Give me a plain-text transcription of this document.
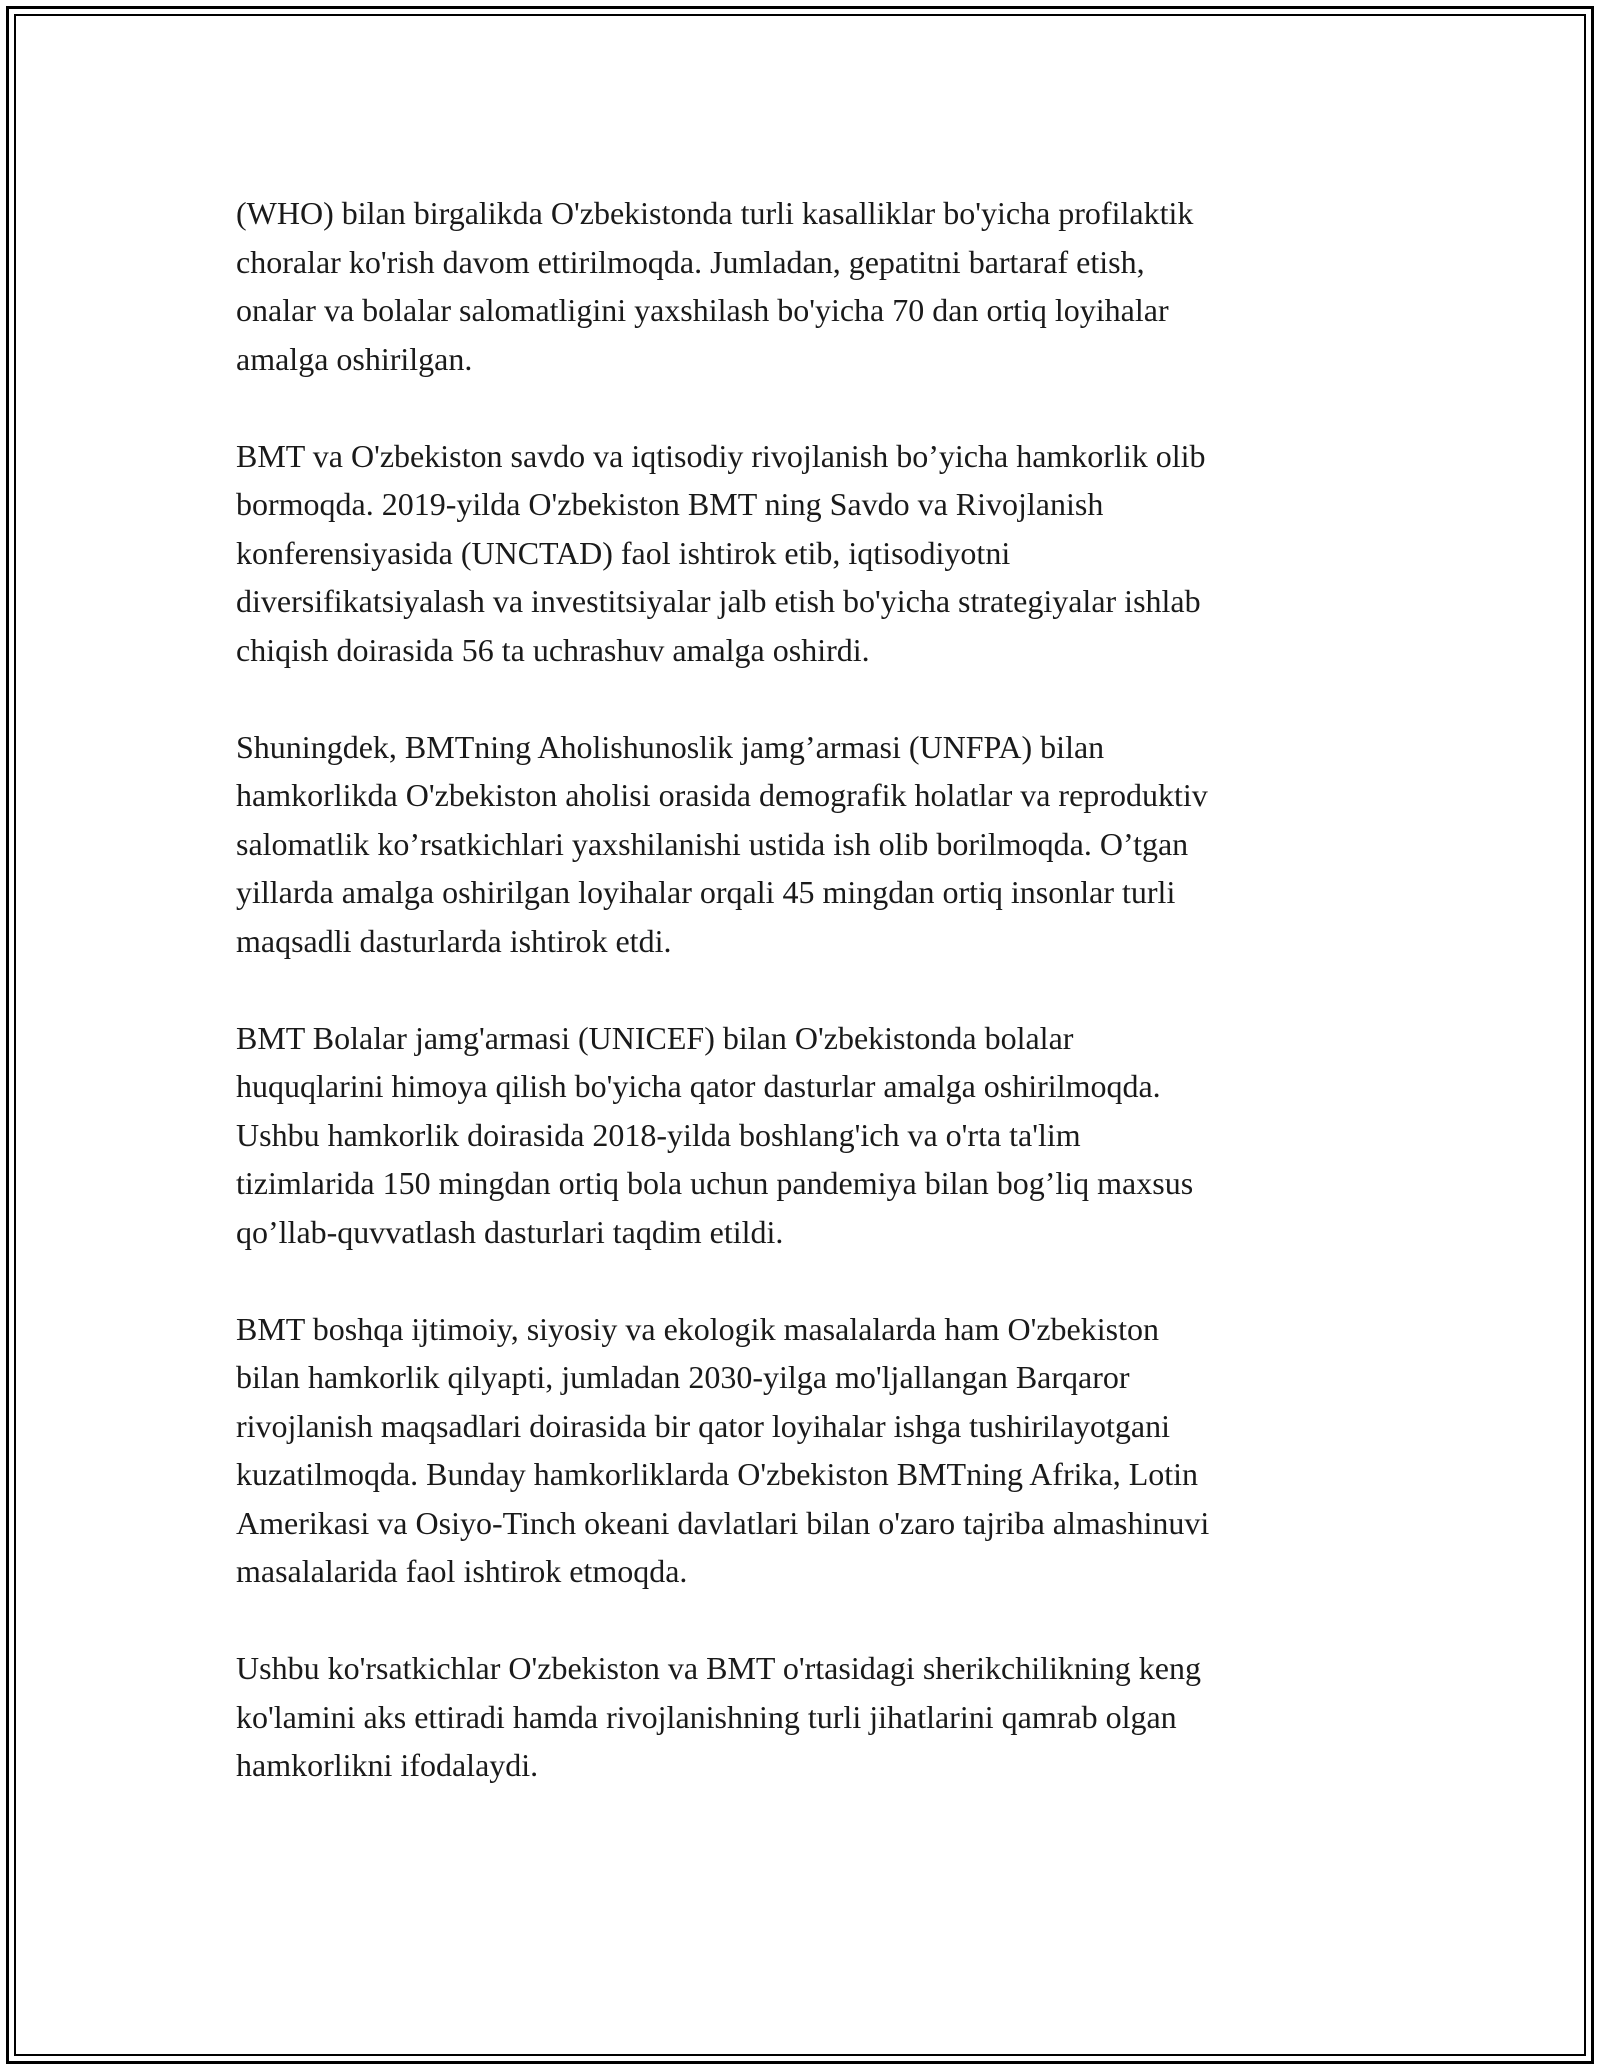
(WHO) bilan birgalikda O'zbekistonda turli kasalliklar bo'yicha profilaktik
choralar ko'rish davom ettirilmoqda. Jumladan, gepatitni bartaraf etish,
onalar va bolalar salomatligini yaxshilash bo'yicha 70 dan ortiq loyihalar
amalga oshirilgan.

BMT va O'zbekiston savdo va iqtisodiy rivojlanish bo’yicha hamkorlik olib
bormoqda. 2019-yilda O'zbekiston BMT ning Savdo va Rivojlanish
konferensiyasida (UNCTAD) faol ishtirok etib, iqtisodiyotni
diversifikatsiyalash va investitsiyalar jalb etish bo'yicha strategiyalar ishlab
chiqish doirasida 56 ta uchrashuv amalga oshirdi.

Shuningdek, BMTning Aholishunoslik jamg’armasi (UNFPA) bilan
hamkorlikda O'zbekiston aholisi orasida demografik holatlar va reproduktiv
salomatlik ko’rsatkichlari yaxshilanishi ustida ish olib borilmoqda. O’tgan
yillarda amalga oshirilgan loyihalar orqali 45 mingdan ortiq insonlar turli
maqsadli dasturlarda ishtirok etdi.

BMT Bolalar jamg'armasi (UNICEF) bilan O'zbekistonda bolalar
huquqlarini himoya qilish bo'yicha qator dasturlar amalga oshirilmoqda.
Ushbu hamkorlik doirasida 2018-yilda boshlang'ich va o'rta ta'lim
tizimlarida 150 mingdan ortiq bola uchun pandemiya bilan bog’liq maxsus
qo’llab-quvvatlash dasturlari taqdim etildi.

BMT boshqa ijtimoiy, siyosiy va ekologik masalalarda ham O'zbekiston
bilan hamkorlik qilyapti, jumladan 2030-yilga mo'ljallangan Barqaror
rivojlanish maqsadlari doirasida bir qator loyihalar ishga tushirilayotgani
kuzatilmoqda. Bunday hamkorliklarda O'zbekiston BMTning Afrika, Lotin
Amerikasi va Osiyo-Tinch okeani davlatlari bilan o'zaro tajriba almashinuvi
masalalarida faol ishtirok etmoqda.

Ushbu ko'rsatkichlar O'zbekiston va BMT o'rtasidagi sherikchilikning keng
ko'lamini aks ettiradi hamda rivojlanishning turli jihatlarini qamrab olgan
hamkorlikni ifodalaydi.
